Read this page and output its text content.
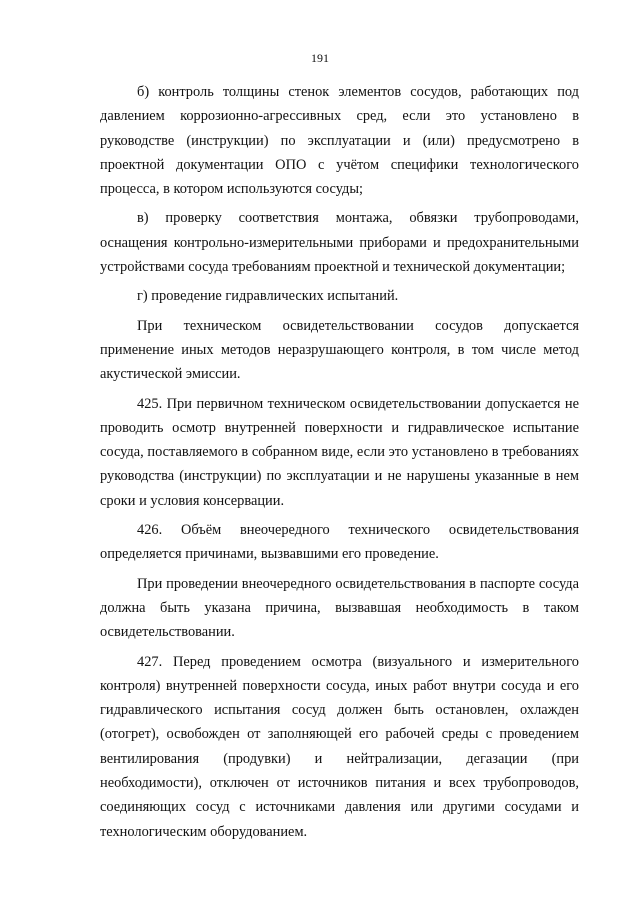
191

б) контроль толщины стенок элементов сосудов, работающих под давлением коррозионно-агрессивных сред, если это установлено в руководстве (инструкции) по эксплуатации и (или) предусмотрено в проектной документации ОПО с учётом специфики технологического процесса, в котором используются сосуды;

в) проверку соответствия монтажа, обвязки трубопроводами, оснащения контрольно-измерительными приборами и предохранительными устройствами сосуда требованиям проектной и технической документации;

г) проведение гидравлических испытаний.

При техническом освидетельствовании сосудов допускается применение иных методов неразрушающего контроля, в том числе метод акустической эмиссии.

425. При первичном техническом освидетельствовании допускается не проводить осмотр внутренней поверхности и гидравлическое испытание сосуда, поставляемого в собранном виде, если это установлено в требованиях руководства (инструкции) по эксплуатации и не нарушены указанные в нем сроки и условия консервации.

426. Объём внеочередного технического освидетельствования определяется причинами, вызвавшими его проведение.

При проведении внеочередного освидетельствования в паспорте сосуда должна быть указана причина, вызвавшая необходимость в таком освидетельствовании.

427. Перед проведением осмотра (визуального и измерительного контроля) внутренней поверхности сосуда, иных работ внутри сосуда и его гидравлического испытания сосуд должен быть остановлен, охлажден (отогрет), освобожден от заполняющей его рабочей среды с проведением вентилирования (продувки) и нейтрализации, дегазации (при необходимости), отключен от источников питания и всех трубопроводов, соединяющих сосуд с источниками давления или другими сосудами и технологическим оборудованием.
